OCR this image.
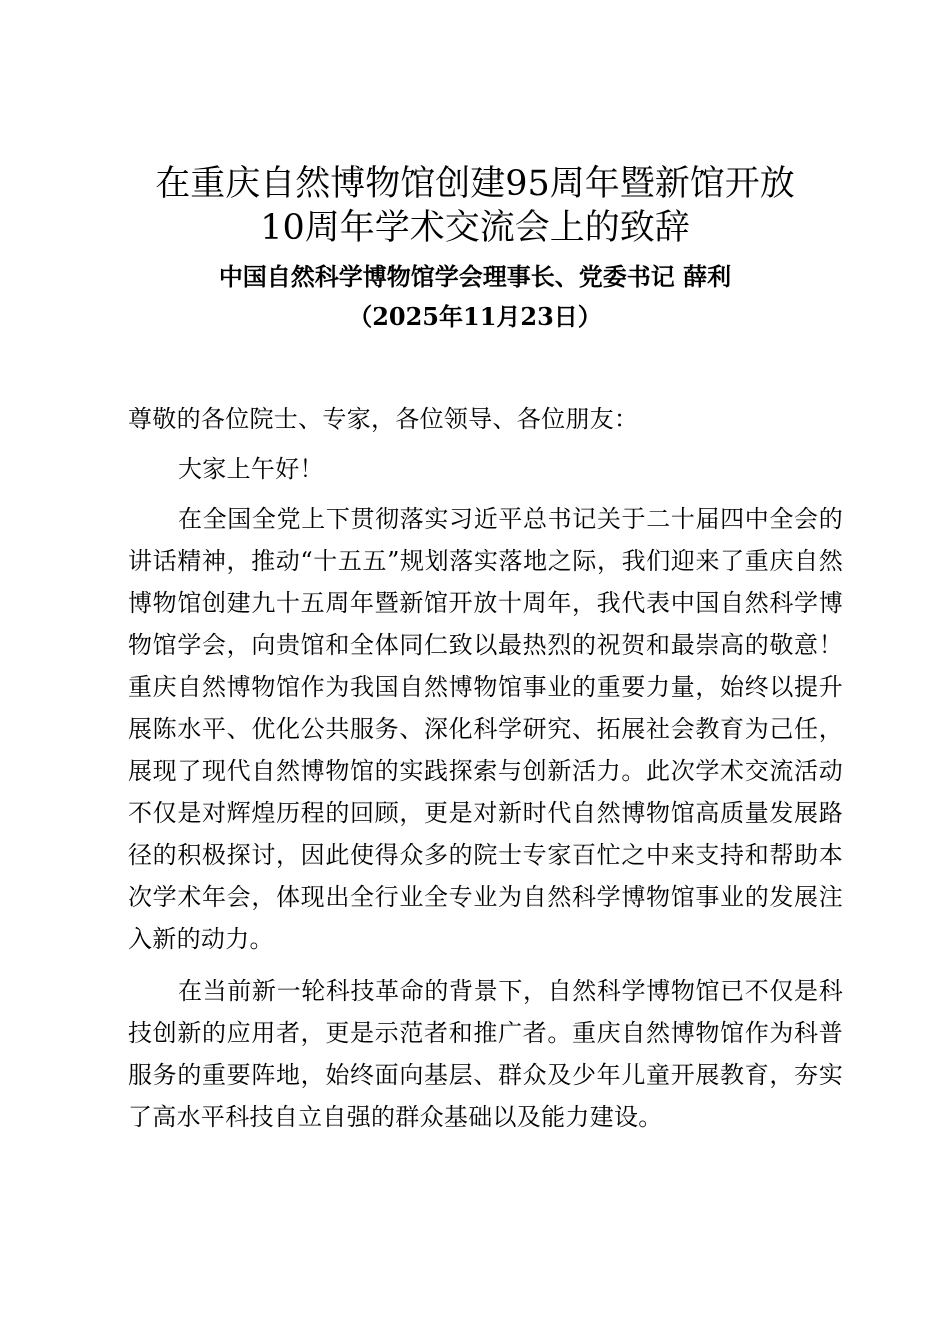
在重庆自然博物馆创建95周年暨新馆开放
10周年学术交流会上的致辞
中国自然科学博物馆学会理事长、党委书记 薛利
（2025年11月23日）

尊敬的各位院士、专家，各位领导、各位朋友：

大家上午好！

在全国全党上下贯彻落实习近平总书记关于二十届四中全会的讲话精神，推动“十五五”规划落实落地之际，我们迎来了重庆自然博物馆创建九十五周年暨新馆开放十周年，我代表中国自然科学博物馆学会，向贵馆和全体同仁致以最热烈的祝贺和最崇高的敬意！重庆自然博物馆作为我国自然博物馆事业的重要力量，始终以提升展陈水平、优化公共服务、深化科学研究、拓展社会教育为己任，展现了现代自然博物馆的实践探索与创新活力。此次学术交流活动不仅是对辉煌历程的回顾，更是对新时代自然博物馆高质量发展路径的积极探讨，因此使得众多的院士专家百忙之中来支持和帮助本次学术年会，体现出全行业全专业为自然科学博物馆事业的发展注入新的动力。

在当前新一轮科技革命的背景下，自然科学博物馆已不仅是科技创新的应用者，更是示范者和推广者。重庆自然博物馆作为科普服务的重要阵地，始终面向基层、群众及少年儿童开展教育，夯实了高水平科技自立自强的群众基础以及能力建设。
